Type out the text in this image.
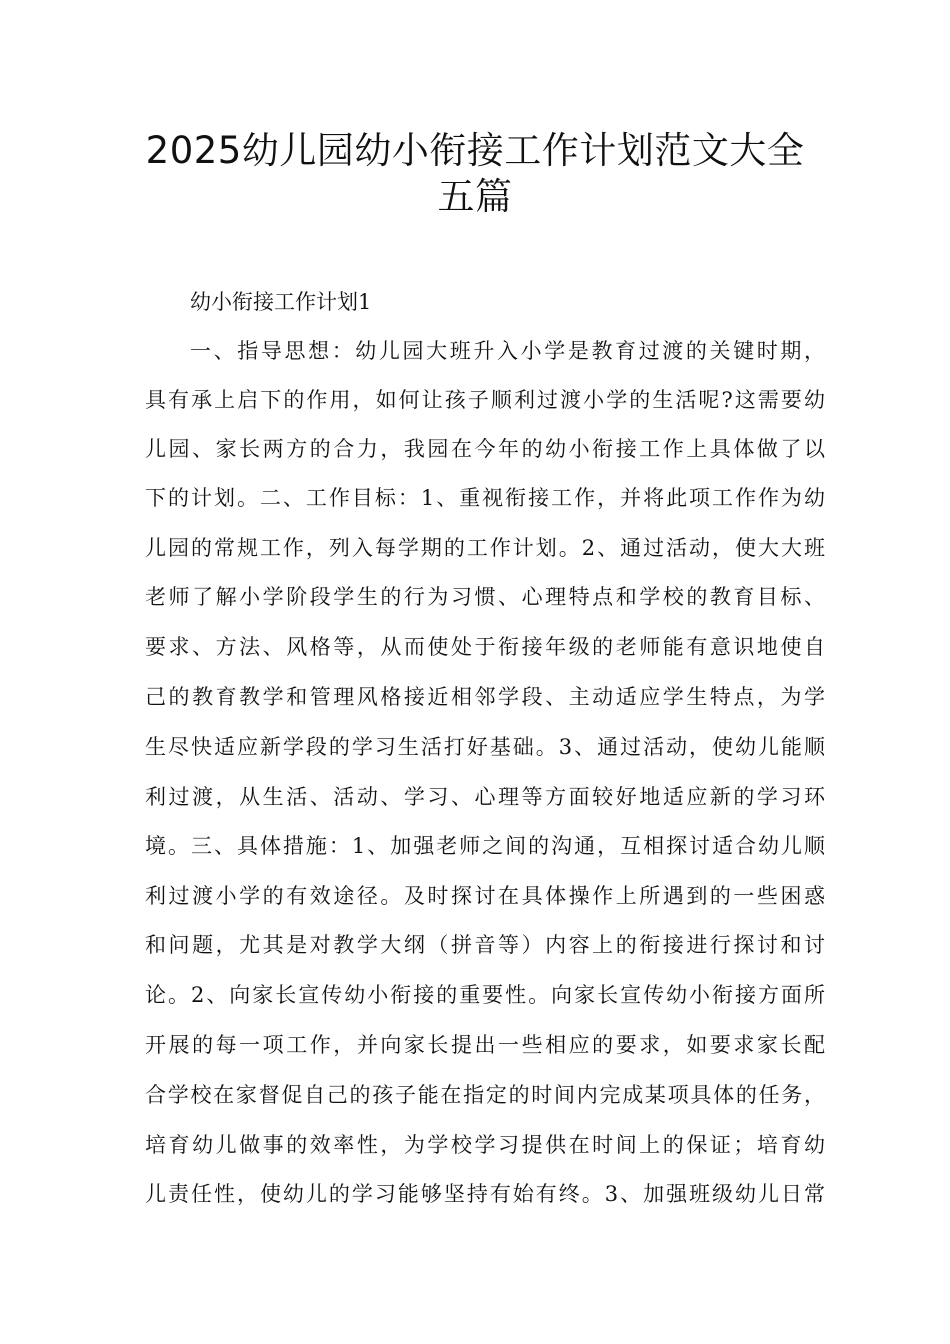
2025幼儿园幼小衔接工作计划范文大全
五篇

幼小衔接工作计划1

一、指导思想：幼儿园大班升入小学是教育过渡的关键时期，

具有承上启下的作用，如何让孩子顺利过渡小学的生活呢?这需要幼

儿园、家长两方的合力，我园在今年的幼小衔接工作上具体做了以

下的计划。二、工作目标：1、重视衔接工作，并将此项工作作为幼

儿园的常规工作，列入每学期的工作计划。2、通过活动，使大大班

老师了解小学阶段学生的行为习惯、心理特点和学校的教育目标、

要求、方法、风格等，从而使处于衔接年级的老师能有意识地使自

己的教育教学和管理风格接近相邻学段、主动适应学生特点，为学

生尽快适应新学段的学习生活打好基础。3、通过活动，使幼儿能顺

利过渡，从生活、活动、学习、心理等方面较好地适应新的学习环

境。三、具体措施：1、加强老师之间的沟通，互相探讨适合幼儿顺

利过渡小学的有效途径。及时探讨在具体操作上所遇到的一些困惑

和问题，尤其是对教学大纲（拼音等）内容上的衔接进行探讨和讨

论。2、向家长宣传幼小衔接的重要性。向家长宣传幼小衔接方面所

开展的每一项工作，并向家长提出一些相应的要求，如要求家长配

合学校在家督促自己的孩子能在指定的时间内完成某项具体的任务，

培育幼儿做事的效率性，为学校学习提供在时间上的保证；培育幼

儿责任性，使幼儿的学习能够坚持有始有终。3、加强班级幼儿日常
